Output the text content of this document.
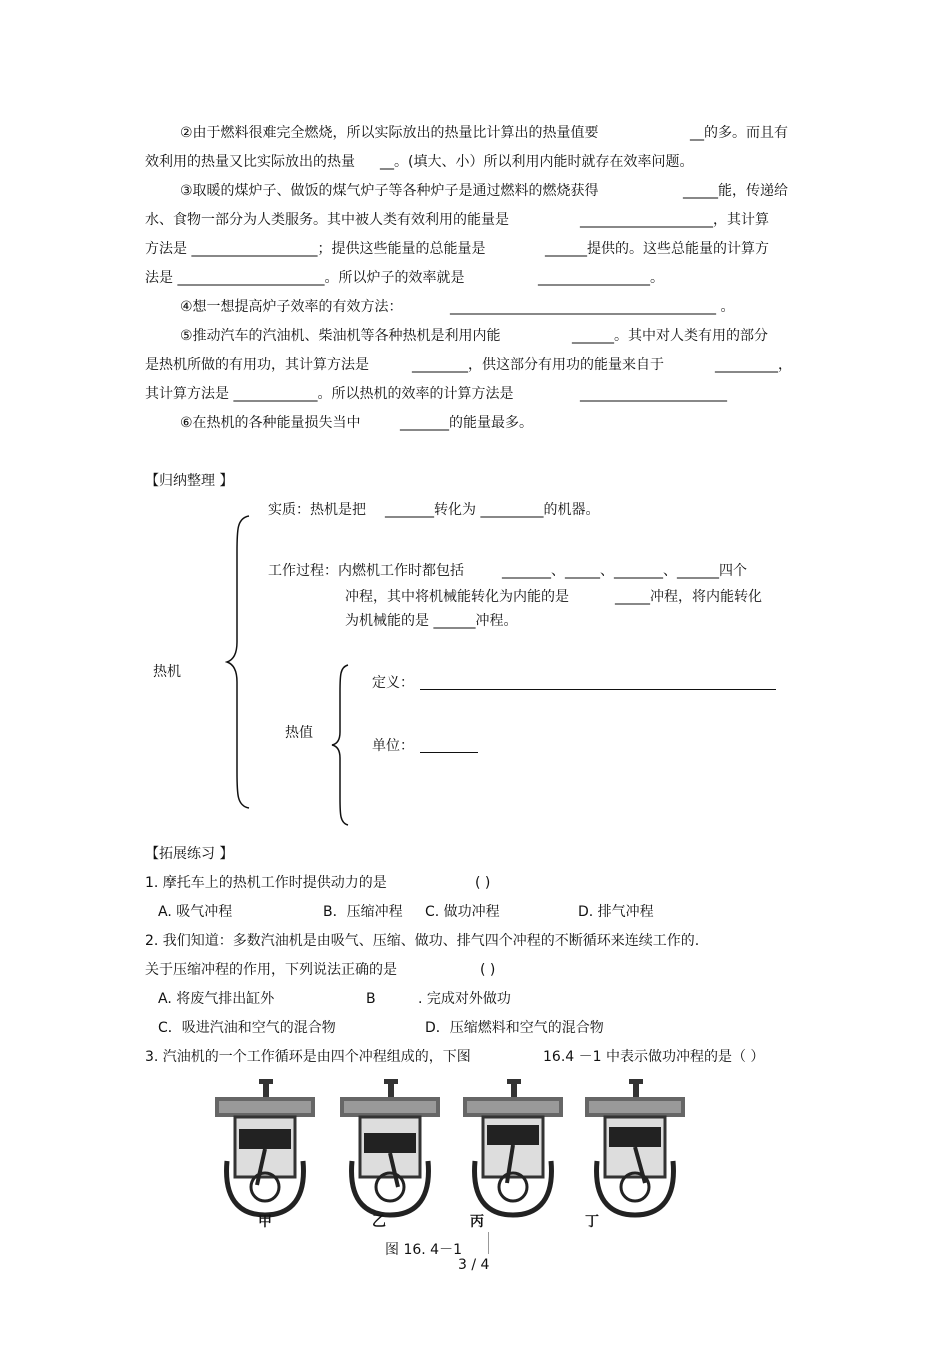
②由于燃料很难完全燃烧，所以实际放出的热量比计算出的热量值要	__的多。而且有
效利用的热量又比实际放出的热量 __。(填大、小）所以利用内能时就存在效率问题。
③取暖的煤炉子、做饭的煤气炉子等各种炉子是通过燃料的燃烧获得	_____能，传递给
水、食物一部分为人类服务。其中被人类有效利用的能量是	___________________，其计算
方法是 __________________；提供这些能量的总能量是	______提供的。这些总能量的计算方
法是 _____________________。所以炉子的效率就是	________________。
④想一想提高炉子效率的有效方法：	______________________________________ 。
⑤推动汽车的汽油机、柴油机等各种热机是利用内能	______。其中对人类有用的部分
是热机所做的有用功，其计算方法是	________，供这部分有用功的能量来自于	_________，
其计算方法是 ____________。所以热机的效率的计算方法是	_____________________
⑥在热机的各种能量损失当中	_______的能量最多。
【归纳整理 】
热机
实质：热机是把 _______转化为 _________的机器。
工作过程：内燃机工作时都包括	_______、_____、_______、______四个
冲程，其中将机械能转化为内能的是	_____冲程，将内能转化
为机械能的是 ______冲程。
热值
定义：
单位：
【拓展练习 】
1. 摩托车上的热机工作时提供动力的是	( )
A. 吸气冲程	B．压缩冲程 C. 做功冲程	D. 排气冲程
2. 我们知道：多数汽油机是由吸气、压缩、做功、排气四个冲程的不断循环来连续工作的.
关于压缩冲程的作用，下列说法正确的是	( )
A. 将废气排出缸外	B	. 完成对外做功
C．吸进汽油和空气的混合物	D．压缩燃料和空气的混合物
3. 汽油机的一个工作循环是由四个冲程组成的，下图	16.4 －1 中表示做功冲程的是（ ）
甲	乙	丙	丁
图 16. 4－1
3 / 4
